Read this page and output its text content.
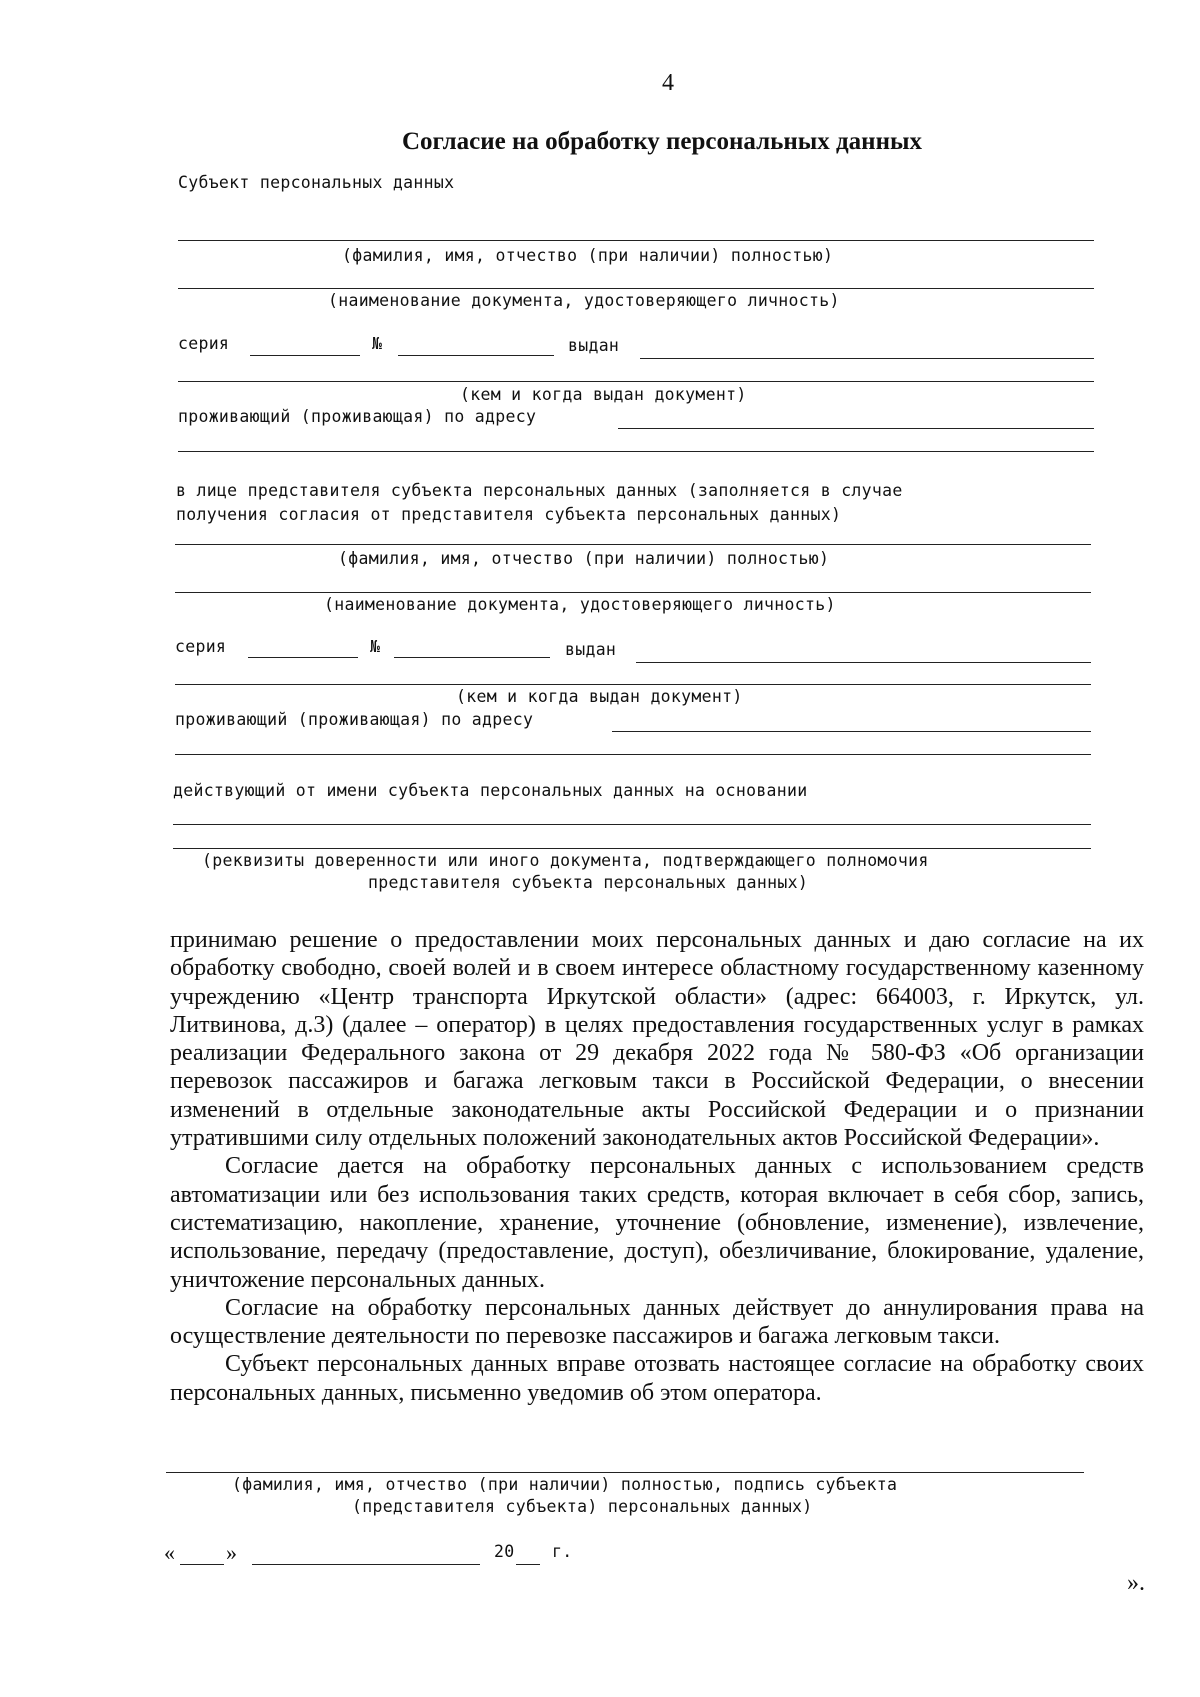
4
Согласие на обработку персональных данных
Субъект персональных данных
(фамилия, имя, отчество (при наличии) полностью)
(наименование документа, удостоверяющего личность)
серия	№	выдан
(кем и когда выдан документ)
проживающий (проживающая) по адресу
в лице представителя субъекта персональных данных (заполняется в случае
получения согласия от представителя субъекта персональных данных)
(фамилия, имя, отчество (при наличии) полностью)
(наименование документа, удостоверяющего личность)
серия	№	выдан
(кем и когда выдан документ)
проживающий (проживающая) по адресу
действующий от имени субъекта персональных данных на основании
(реквизиты доверенности или иного документа, подтверждающего полномочия
представителя субъекта персональных данных)

принимаю решение о предоставлении моих персональных данных и даю согласие на их обработку свободно, своей волей и в своем интересе областному государственному казенному учреждению «Центр транспорта Иркутской области» (адрес: 664003, г. Иркутск, ул. Литвинова, д.3) (далее – оператор) в целях предоставления государственных услуг в рамках реализации Федерального закона от 29 декабря 2022 года № 580-ФЗ «Об организации перевозок пассажиров и багажа легковым такси в Российской Федерации, о внесении изменений в отдельные законодательные акты Российской Федерации и о признании утратившими силу отдельных положений законодательных актов Российской Федерации».

Согласие дается на обработку персональных данных с использованием средств автоматизации или без использования таких средств, которая включает в себя сбор, запись, систематизацию, накопление, хранение, уточнение (обновление, изменение), извлечение, использование, передачу (предоставление, доступ), обезличивание, блокирование, удаление, уничтожение персональных данных.

Согласие на обработку персональных данных действует до аннулирования права на осуществление деятельности по перевозке пассажиров и багажа легковым такси.

Субъект персональных данных вправе отозвать настоящее согласие на обработку своих персональных данных, письменно уведомив об этом оператора.

(фамилия, имя, отчество (при наличии) полностью, подпись субъекта
(представителя субъекта) персональных данных)
« »	20 г.
».
